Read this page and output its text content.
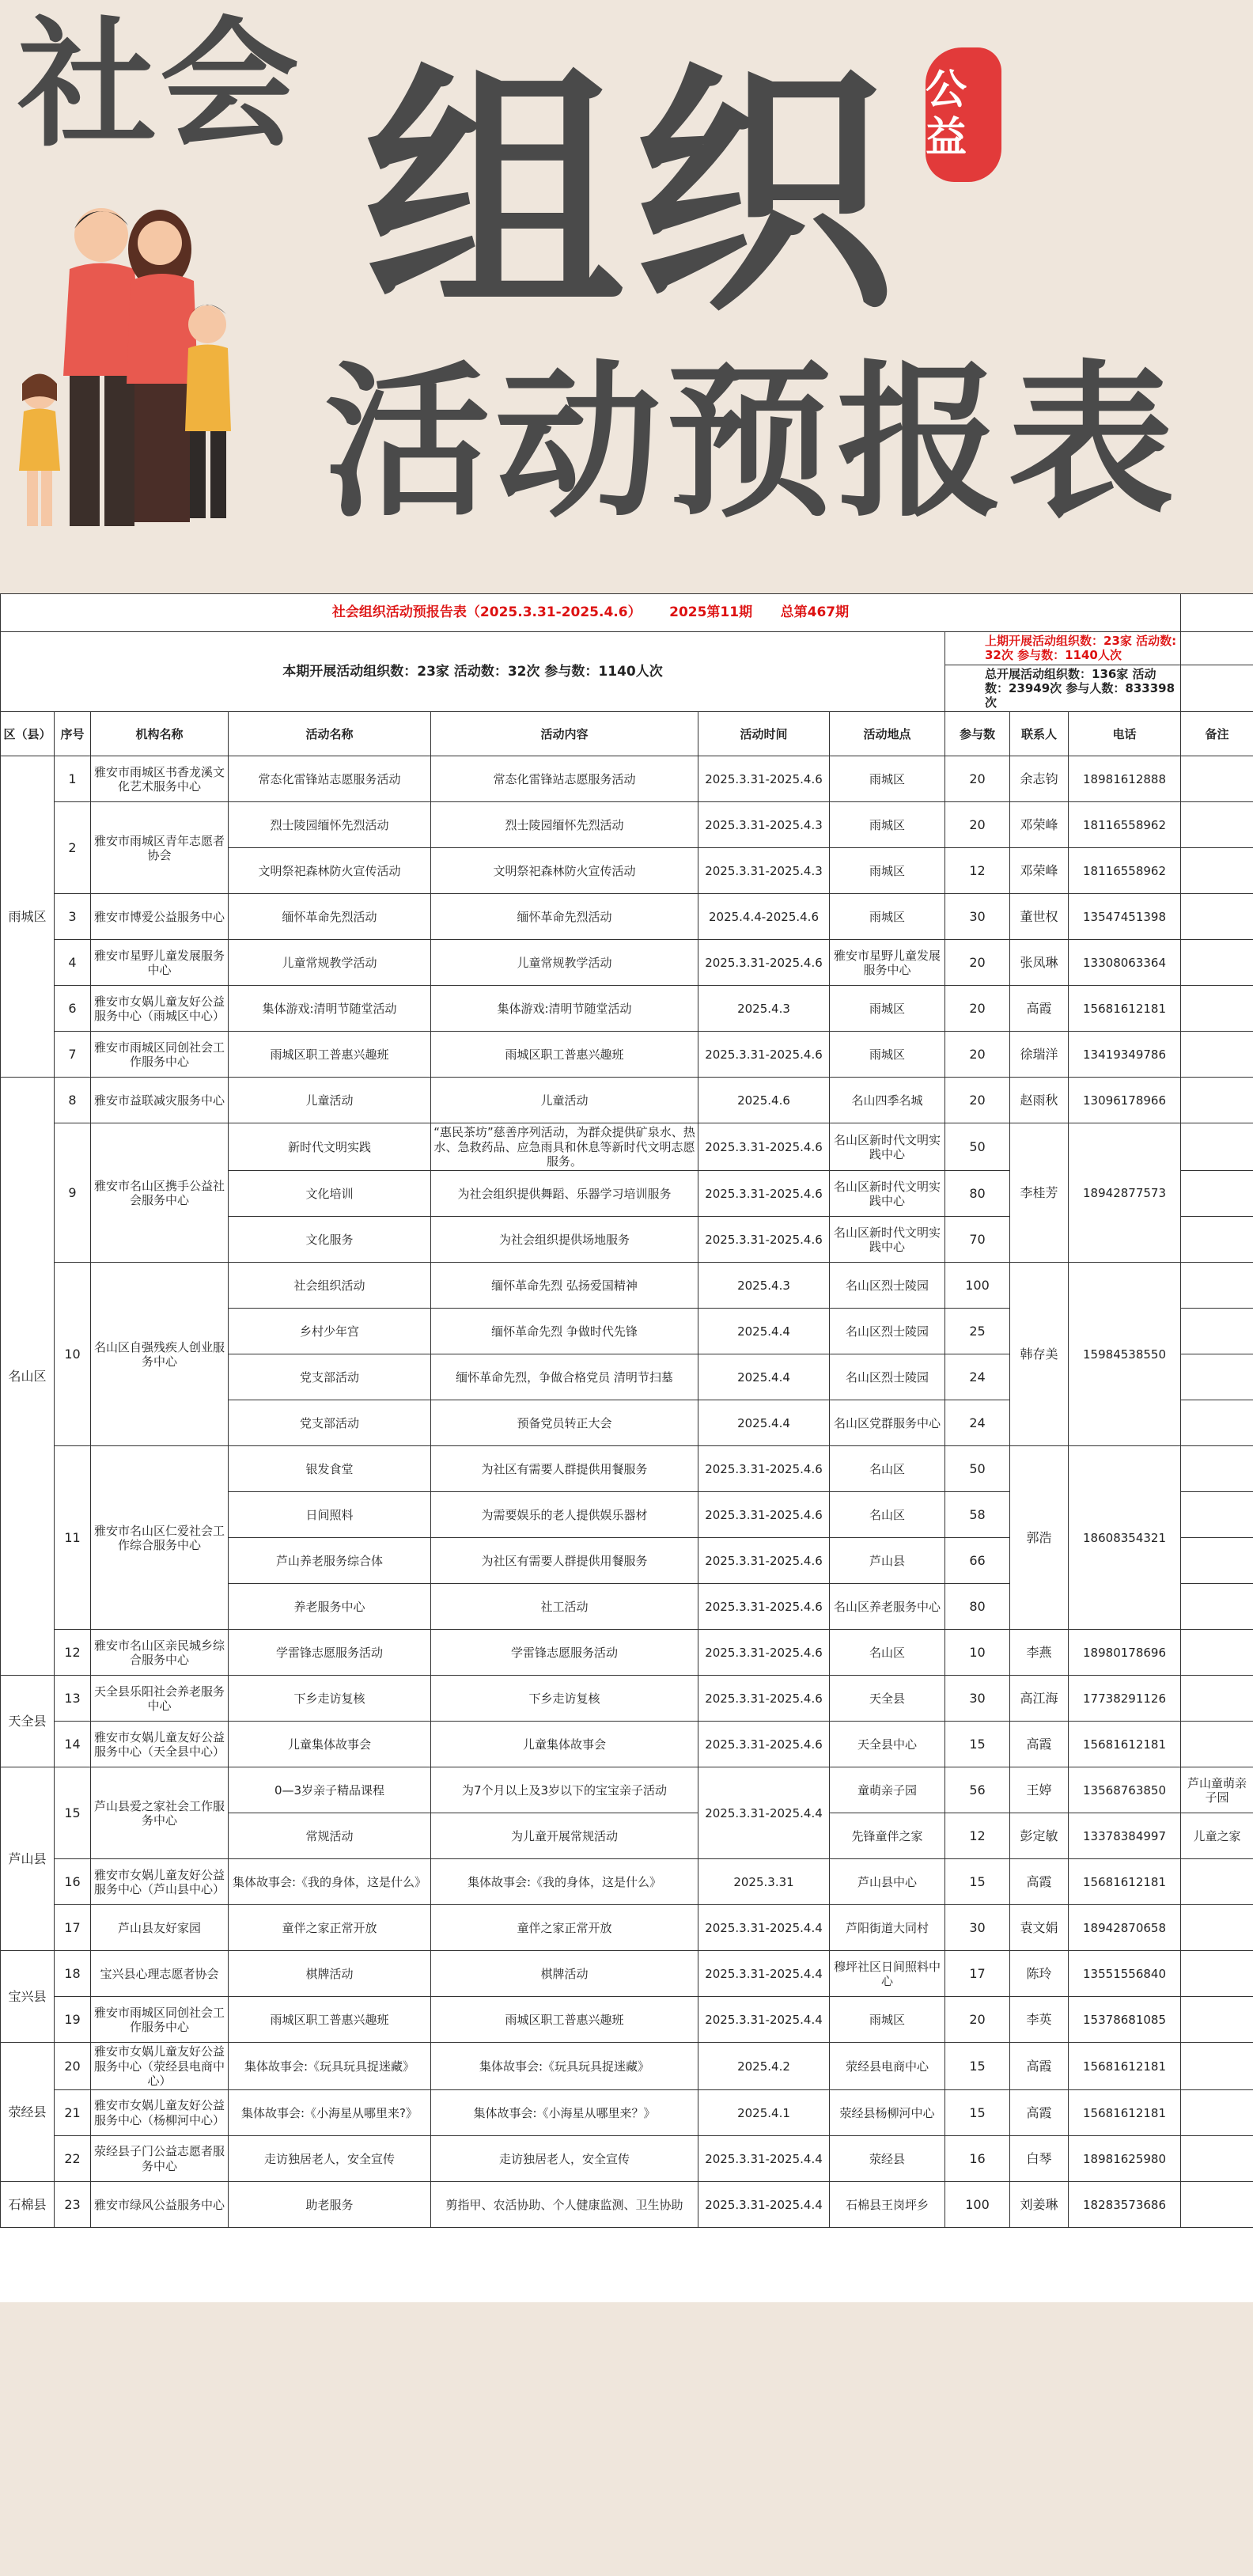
社会 组织
活动预报表
公益
社会组织活动预报告表（2025.3.31-2025.4.6） 2025第11期 总第467期										
本期开展活动组织数：23家 活动数：32次 参与数：1140人次							上期开展活动组织数：23家 活动数:32次 参与数：1140人次			
							总开展活动组织数：136家 活动数：23949次 参与人数：833398次			
区（县）	序号	机构名称	活动名称	活动内容	活动时间	活动地点	参与数	联系人	电话	备注
雨城区	1	雅安市雨城区书香龙溪文化艺术服务中心	常态化雷锋站志愿服务活动	常态化雷锋站志愿服务活动	2025.3.31-2025.4.6	雨城区	20	余志钧	18981612888	
	2	雅安市雨城区青年志愿者协会	烈士陵园缅怀先烈活动	烈士陵园缅怀先烈活动	2025.3.31-2025.4.3	雨城区	20	邓荣峰	18116558962	
			文明祭祀森林防火宣传活动	文明祭祀森林防火宣传活动	2025.3.31-2025.4.3	雨城区	12	邓荣峰	18116558962	
	3	雅安市博爱公益服务中心	缅怀革命先烈活动	缅怀革命先烈活动	2025.4.4-2025.4.6	雨城区	30	董世权	13547451398	
	4	雅安市星野儿童发展服务中心	儿童常规教学活动	儿童常规教学活动	2025.3.31-2025.4.6	雅安市星野儿童发展服务中心	20	张凤琳	13308063364	
	6	雅安市女娲儿童友好公益服务中心（雨城区中心）	集体游戏:清明节随堂活动	集体游戏:清明节随堂活动	2025.4.3	雨城区	20	高霞	15681612181	
	7	雅安市雨城区同创社会工作服务中心	雨城区职工普惠兴趣班	雨城区职工普惠兴趣班	2025.3.31-2025.4.6	雨城区	20	徐瑞洋	13419349786	
名山区	8	雅安市益联减灾服务中心	儿童活动	儿童活动	2025.4.6	名山四季名城	20	赵雨秋	13096178966	
	9	雅安市名山区携手公益社会服务中心	新时代文明实践	“惠民茶坊”慈善序列活动，为群众提供矿泉水、热水、急救药品、应急雨具和休息等新时代文明志愿服务。	2025.3.31-2025.4.6	名山区新时代文明实践中心	50	李桂芳	18942877573	
			文化培训	为社会组织提供舞蹈、乐器学习培训服务	2025.3.31-2025.4.6	名山区新时代文明实践中心	80			
			文化服务	为社会组织提供场地服务	2025.3.31-2025.4.6	名山区新时代文明实践中心	70			
	10	名山区自强残疾人创业服务中心	社会组织活动	缅怀革命先烈 弘扬爱国精神	2025.4.3	名山区烈士陵园	100	韩存美	15984538550	
			乡村少年宫	缅怀革命先烈 争做时代先锋	2025.4.4	名山区烈士陵园	25			
			党支部活动	缅怀革命先烈，争做合格党员 清明节扫墓	2025.4.4	名山区烈士陵园	24			
			党支部活动	预备党员转正大会	2025.4.4	名山区党群服务中心	24			
	11	雅安市名山区仁爱社会工作综合服务中心	银发食堂	为社区有需要人群提供用餐服务	2025.3.31-2025.4.6	名山区	50	郭浩	18608354321	
			日间照料	为需要娱乐的老人提供娱乐器材	2025.3.31-2025.4.6	名山区	58			
			芦山养老服务综合体	为社区有需要人群提供用餐服务	2025.3.31-2025.4.6	芦山县	66			
			养老服务中心	社工活动	2025.3.31-2025.4.6	名山区养老服务中心	80			
	12	雅安市名山区亲民城乡综合服务中心	学雷锋志愿服务活动	学雷锋志愿服务活动	2025.3.31-2025.4.6	名山区	10	李燕	18980178696	
天全县	13	天全县乐阳社会养老服务中心	下乡走访复核	下乡走访复核	2025.3.31-2025.4.6	天全县	30	高江海	17738291126	
	14	雅安市女娲儿童友好公益服务中心（天全县中心）	儿童集体故事会	儿童集体故事会	2025.3.31-2025.4.6	天全县中心	15	高霞	15681612181	
芦山县	15	芦山县爱之家社会工作服务中心	0—3岁亲子精品课程	为7个月以上及3岁以下的宝宝亲子活动	2025.3.31-2025.4.4	童萌亲子园	56	王婷	13568763850	芦山童萌亲子园
			常规活动	为儿童开展常规活动		先锋童伴之家	12	彭定敏	13378384997	儿童之家
	16	雅安市女娲儿童友好公益服务中心（芦山县中心）	集体故事会:《我的身体，这是什么》	集体故事会:《我的身体，这是什么》	2025.3.31	芦山县中心	15	高霞	15681612181	
	17	芦山县友好家园	童伴之家正常开放	童伴之家正常开放	2025.3.31-2025.4.4	芦阳街道大同村	30	袁文娟	18942870658	
宝兴县	18	宝兴县心理志愿者协会	棋牌活动	棋牌活动	2025.3.31-2025.4.4	穆坪社区日间照料中心	17	陈玲	13551556840	
	19	雅安市雨城区同创社会工作服务中心	雨城区职工普惠兴趣班	雨城区职工普惠兴趣班	2025.3.31-2025.4.4	雨城区	20	李英	15378681085	
荥经县	20	雅安市女娲儿童友好公益服务中心（荥经县电商中心）	集体故事会:《玩具玩具捉迷藏》	集体故事会:《玩具玩具捉迷藏》	2025.4.2	荥经县电商中心	15	高霞	15681612181	
	21	雅安市女娲儿童友好公益服务中心（杨柳河中心）	集体故事会:《小海星从哪里来?》	集体故事会:《小海星从哪里来？》	2025.4.1	荥经县杨柳河中心	15	高霞	15681612181	
	22	荥经县子门公益志愿者服务中心	走访独居老人，安全宣传	走访独居老人，安全宣传	2025.3.31-2025.4.4	荥经县	16	白琴	18981625980	
石棉县	23	雅安市绿风公益服务中心	助老服务	剪指甲、农活协助、个人健康监测、卫生协助	2025.3.31-2025.4.4	石棉县王岗坪乡	100	刘姜琳	18283573686	
